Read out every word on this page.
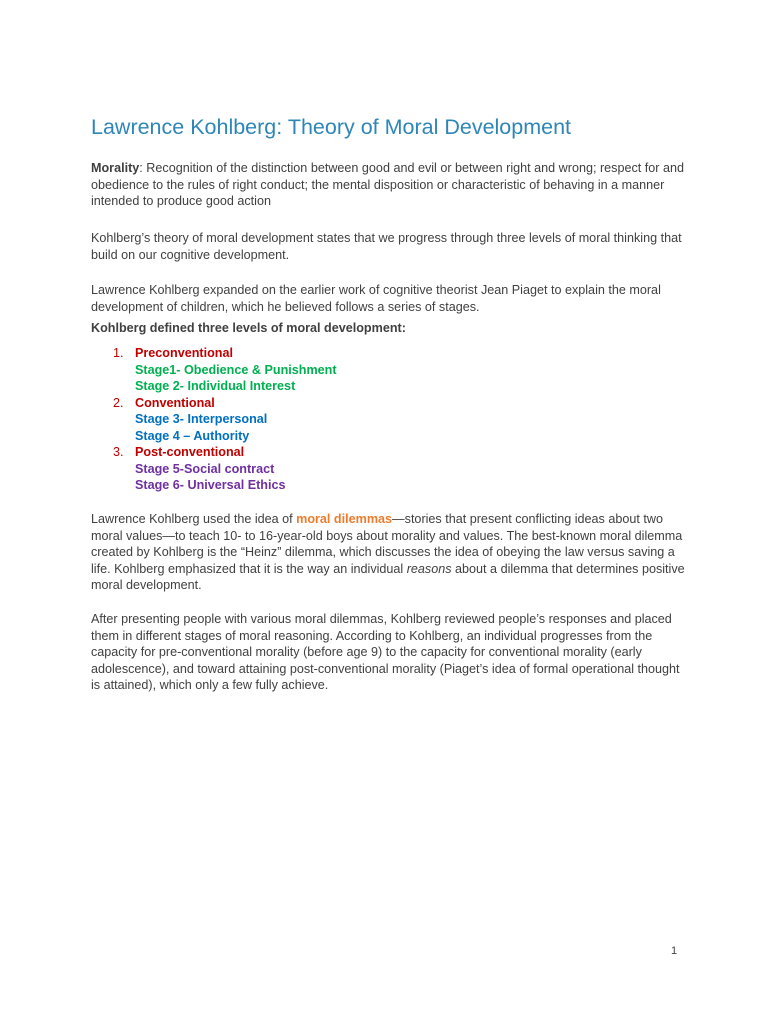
Lawrence Kohlberg: Theory of Moral Development

Morality: Recognition of the distinction between good and evil or between right and wrong; respect for and obedience to the rules of right conduct; the mental disposition or characteristic of behaving in a manner intended to produce good action

Kohlberg’s theory of moral development states that we progress through three levels of moral thinking that build on our cognitive development.

Lawrence Kohlberg expanded on the earlier work of cognitive theorist Jean Piaget to explain the moral development of children, which he believed follows a series of stages.

Kohlberg defined three levels of moral development:

1. Preconventional
Stage1- Obedience & Punishment
Stage 2- Individual Interest
2. Conventional
Stage 3- Interpersonal
Stage 4 – Authority
3. Post-conventional
Stage 5-Social contract
Stage 6- Universal Ethics

Lawrence Kohlberg used the idea of moral dilemmas—stories that present conflicting ideas about two moral values—to teach 10- to 16-year-old boys about morality and values. The best-known moral dilemma created by Kohlberg is the “Heinz” dilemma, which discusses the idea of obeying the law versus saving a life. Kohlberg emphasized that it is the way an individual reasons about a dilemma that determines positive moral development.

After presenting people with various moral dilemmas, Kohlberg reviewed people’s responses and placed them in different stages of moral reasoning. According to Kohlberg, an individual progresses from the capacity for pre-conventional morality (before age 9) to the capacity for conventional morality (early adolescence), and toward attaining post-conventional morality (Piaget’s idea of formal operational thought is attained), which only a few fully achieve.

1
